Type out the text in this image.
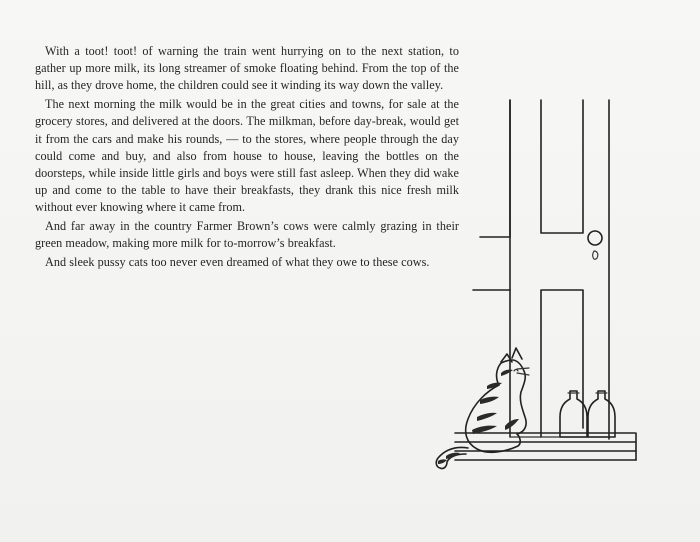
With a toot! toot! of warning the train went hurrying on to the next station, to gather up more milk, its long streamer of smoke floating behind. From the top of the hill, as they drove home, the children could see it winding its way down the valley.

The next morning the milk would be in the great cities and towns, for sale at the grocery stores, and delivered at the doors. The milkman, before day-break, would get it from the cars and make his rounds, — to the stores, where people through the day could come and buy, and also from house to house, leaving the bottles on the doorsteps, while inside little girls and boys were still fast asleep. When they did wake up and come to the table to have their breakfasts, they drank this nice fresh milk without ever knowing where it came from.

And far away in the country Farmer Brown’s cows were calmly grazing in their green meadow, making more milk for to-morrow’s breakfast.

And sleek pussy cats too never even dreamed of what they owe to these cows.
